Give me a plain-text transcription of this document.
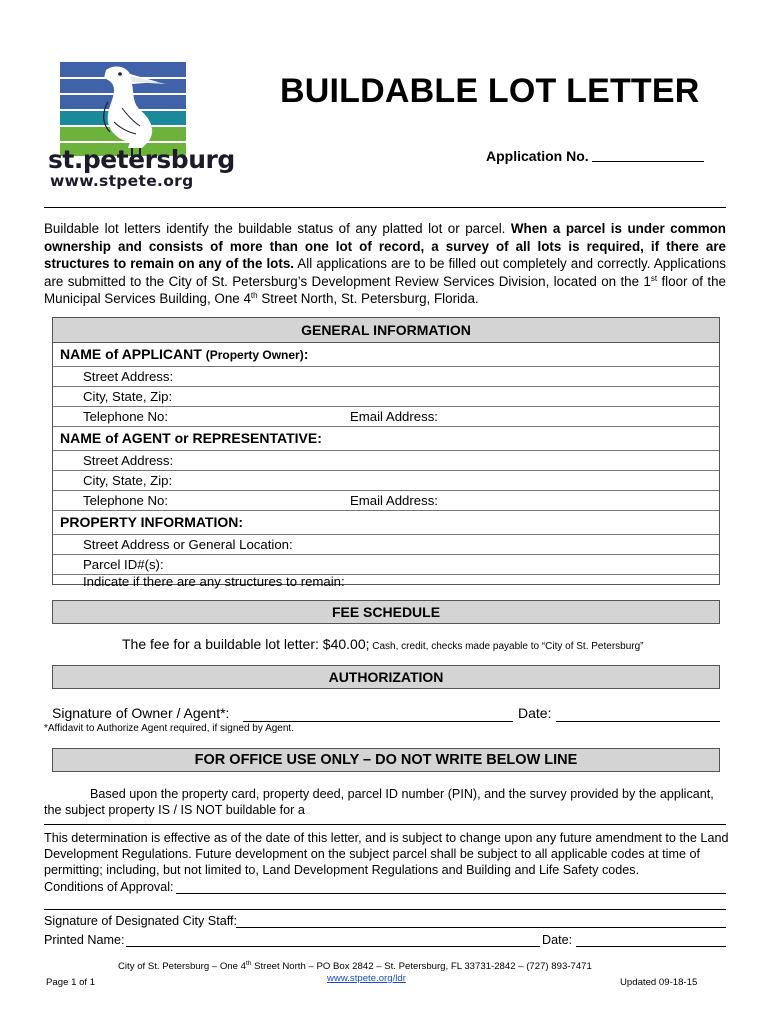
st.petersburg
www.stpete.org
BUILDABLE LOT LETTER
Application No.
Buildable lot letters identify the buildable status of any platted lot or parcel. When a parcel is under common ownership and consists of more than one lot of record, a survey of all lots is required, if there are structures to remain on any of the lots. All applications are to be filled out completely and correctly. Applications are submitted to the City of St. Petersburg’s Development Review Services Division, located on the 1st floor of the Municipal Services Building, One 4th Street North, St. Petersburg, Florida.
GENERAL INFORMATION
NAME of APPLICANT (Property Owner):
Street Address:
City, State, Zip:
Telephone No:	Email Address:
NAME of AGENT or REPRESENTATIVE:
Street Address:
City, State, Zip:
Telephone No:	Email Address:
PROPERTY INFORMATION:
Street Address or General Location:
Parcel ID#(s):
Indicate if there are any structures to remain:
FEE SCHEDULE
The fee for a buildable lot letter: $40.00; Cash, credit, checks made payable to “City of St. Petersburg”
AUTHORIZATION
Signature of Owner / Agent*:	Date:
*Affidavit to Authorize Agent required, if signed by Agent.
FOR OFFICE USE ONLY – DO NOT WRITE BELOW LINE
Based upon the property card, property deed, parcel ID number (PIN), and the survey provided by the applicant, the subject property IS / IS NOT buildable for a
This determination is effective as of the date of this letter, and is subject to change upon any future amendment to the Land Development Regulations. Future development on the subject parcel shall be subject to all applicable codes at time of permitting; including, but not limited to, Land Development Regulations and Building and Life Safety codes.
Conditions of Approval:
Signature of Designated City Staff:
Printed Name:	Date:
City of St. Petersburg – One 4th Street North – PO Box 2842 – St. Petersburg, FL 33731-2842 – (727) 893-7471
www.stpete.org/ldr
Page 1 of 1	Updated 09-18-15
